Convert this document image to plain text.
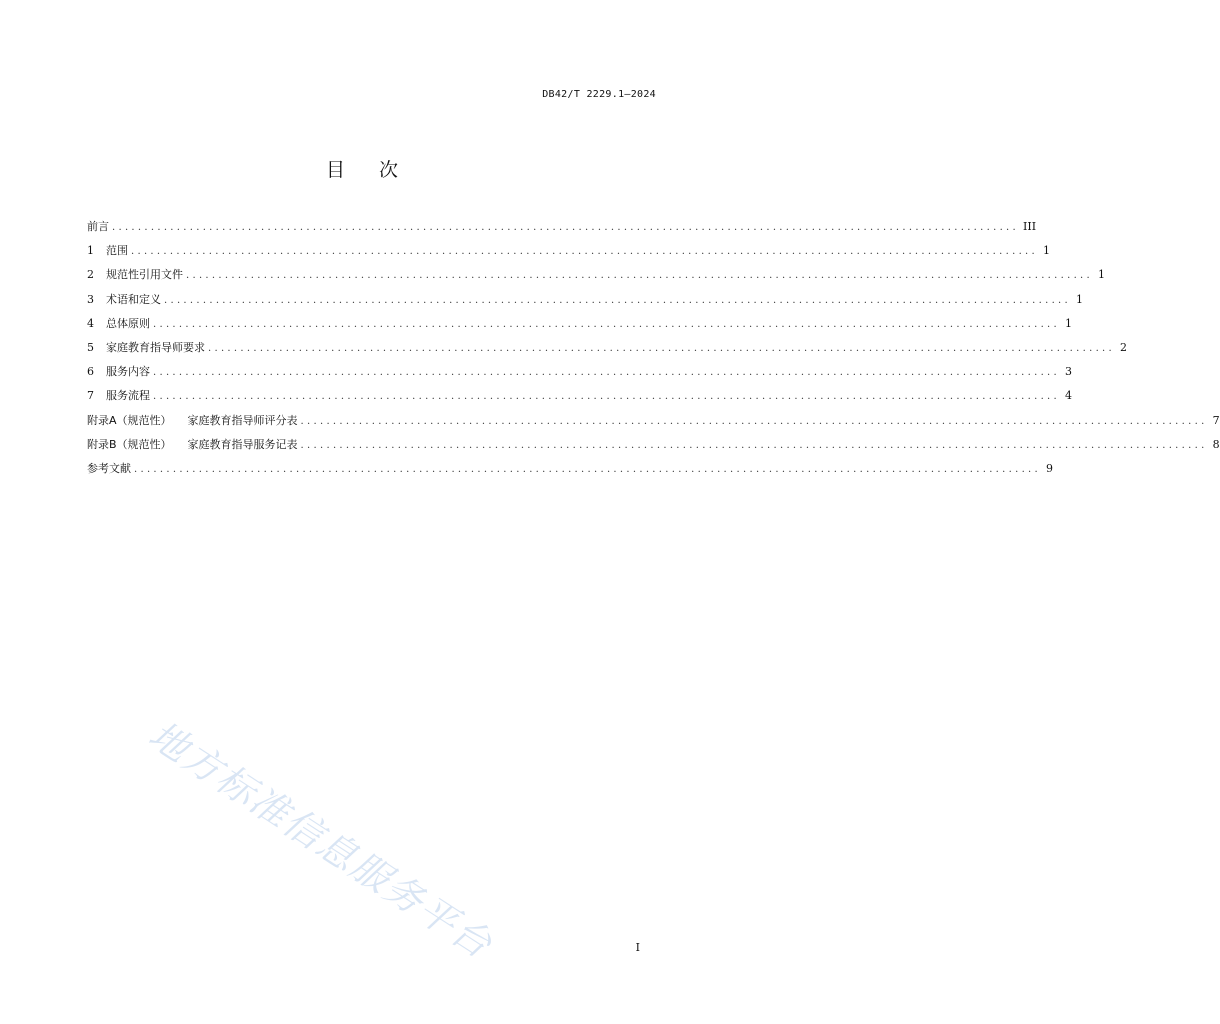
DB42/T 2229.1—2024
目次
前言 ............................................................................................................................................ III
1	范围 ............................................................................................................................................ 1
2	规范性引用文件 ............................................................................................................................................ 1
3	术语和定义 ............................................................................................................................................ 1
4	总体原则 ............................................................................................................................................ 1
5	家庭教育指导师要求 ............................................................................................................................................ 2
6	服务内容 ............................................................................................................................................ 3
7	服务流程 ............................................................................................................................................ 4
附录A（规范性） 家庭教育指导师评分表 ............................................................................................................................................ 7
附录B（规范性） 家庭教育指导服务记表 ............................................................................................................................................ 8
参考文献 ............................................................................................................................................ 9
地方标准信息服务平台	I
